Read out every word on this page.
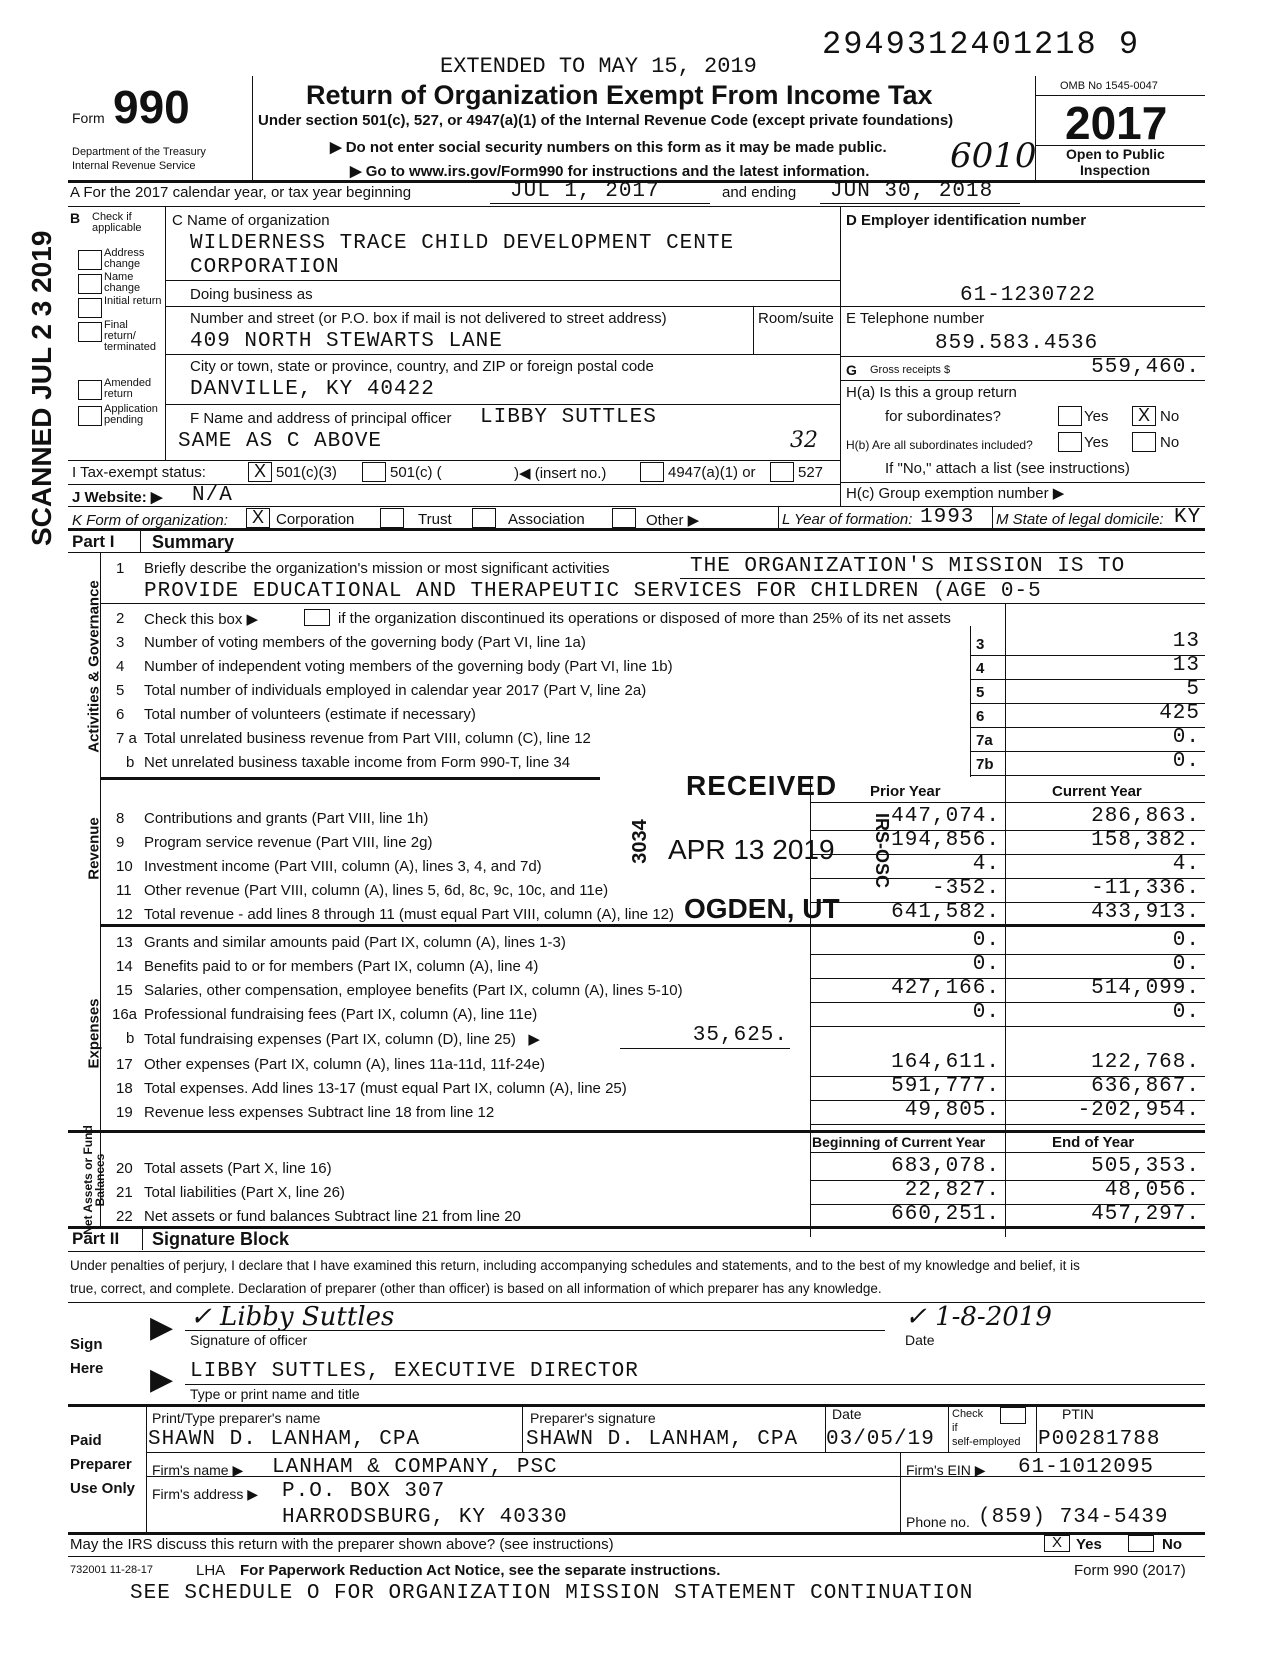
2949312401218 9
EXTENDED TO MAY 15, 2019
SCANNED JUL 2 3 2019
Form 990
Department of the Treasury
Internal Revenue Service
Return of Organization Exempt From Income Tax
Under section 501(c), 527, or 4947(a)(1) of the Internal Revenue Code (except private foundations)
▶ Do not enter social security numbers on this form as it may be made public.
▶ Go to www.irs.gov/Form990 for instructions and the latest information. 6010
OMB No 1545-0047
2017
Open to Public
Inspection
A For the 2017 calendar year, or tax year beginning	JUL 1, 2017	and ending JUN 30, 2018
B Check if applicable
Address change
Name change
Initial return
Final return/ terminated
Amended return
Application pending
C Name of organization
WILDERNESS TRACE CHILD DEVELOPMENT CENTE
CORPORATION
Doing business as
Number and street (or P.O. box if mail is not delivered to street address)	Room/suite
409 NORTH STEWARTS LANE
City or town, state or province, country, and ZIP or foreign postal code
DANVILLE, KY 40422
F Name and address of principal officer LIBBY SUTTLES
SAME AS C ABOVE	32
D Employer identification number
61-1230722
E Telephone number
859.583.4536
G Gross receipts $	559,460.
H(a) Is this a group return
for subordinates?	Yes	X No
H(b) Are all subordinates included?	Yes	No
If "No," attach a list (see instructions)
H(c) Group exemption number ▶
I Tax-exempt status:	X 501(c)(3)	501(c) (	)◀ (insert no.)	4947(a)(1) or	527
J Website: ▶ N/A
K Form of organization:	X Corporation	Trust	Association	Other ▶	L Year of formation: 1993 M State of legal domicile: KY
Part I Summary
Activities & Governance
Revenue
Expenses
Net Assets or Fund Balances
1 Briefly describe the organization's mission or most significant activities	THE ORGANIZATION'S MISSION IS TO
PROVIDE EDUCATIONAL AND THERAPEUTIC SERVICES FOR CHILDREN (AGE 0-5
2 Check this box ▶	if the organization discontinued its operations or disposed of more than 25% of its net assets
3 Number of voting members of the governing body (Part VI, line 1a)	3	13
4 Number of independent voting members of the governing body (Part VI, line 1b)	4	13
5 Total number of individuals employed in calendar year 2017 (Part V, line 2a)	5	5
6 Total number of volunteers (estimate if necessary)	6	425
7 a Total unrelated business revenue from Part VIII, column (C), line 12	7a	0.
b Net unrelated business taxable income from Form 990-T, line 34	7b	0.
Prior Year	Current Year
8 Contributions and grants (Part VIII, line 1h)	447,074.	286,863.
9 Program service revenue (Part VIII, line 2g)	194,856.	158,382.
10 Investment income (Part VIII, column (A), lines 3, 4, and 7d)	4.	4.
11 Other revenue (Part VIII, column (A), lines 5, 6d, 8c, 9c, 10c, and 11e)	-352.	-11,336.
12 Total revenue - add lines 8 through 11 (must equal Part VIII, column (A), line 12)	641,582.	433,913.
13 Grants and similar amounts paid (Part IX, column (A), lines 1-3)	0.	0.
14 Benefits paid to or for members (Part IX, column (A), line 4)	0.	0.
15 Salaries, other compensation, employee benefits (Part IX, column (A), lines 5-10)	427,166.	514,099.
16a Professional fundraising fees (Part IX, column (A), line 11e)	0.	0.
b Total fundraising expenses (Part IX, column (D), line 25)   ▶	35,625.
17 Other expenses (Part IX, column (A), lines 11a-11d, 11f-24e)	164,611.	122,768.
18 Total expenses. Add lines 13-17 (must equal Part IX, column (A), line 25)	591,777.	636,867.
19 Revenue less expenses Subtract line 18 from line 12	49,805.	-202,954.
Beginning of Current Year	End of Year
20 Total assets (Part X, line 16)	683,078.	505,353.
21 Total liabilities (Part X, line 26)	22,827.	48,056.
22 Net assets or fund balances Subtract line 21 from line 20	660,251.	457,297.
RECEIVED
3034 APR 13 2019 IRS-OSC
OGDEN, UT
Part II Signature Block
Under penalties of perjury, I declare that I have examined this return, including accompanying schedules and statements, and to the best of my knowledge and belief, it is
true, correct, and complete. Declaration of preparer (other than officer) is based on all information of which preparer has any knowledge.
Sign
Here
▶ ✓ Libby Suttles
Signature of officer
✓ 1-8-2019
Date
▶ LIBBY SUTTLES, EXECUTIVE DIRECTOR
Type or print name and title
Paid
Preparer
Use Only
Print/Type preparer's name	Preparer's signature	Date	Check
if
self-employed
PTIN
SHAWN D. LANHAM, CPA	SHAWN D. LANHAM, CPA 03/05/19	P00281788
Firm's name ▶ LANHAM & COMPANY, PSC	Firm's EIN ▶ 61-1012095
Firm's address ▶ P.O. BOX 307
HARRODSBURG, KY 40330	Phone no. (859) 734-5439
May the IRS discuss this return with the preparer shown above? (see instructions)	X Yes	No
732001 11-28-17	LHA For Paperwork Reduction Act Notice, see the separate instructions.	Form 990 (2017)
SEE SCHEDULE O FOR ORGANIZATION MISSION STATEMENT CONTINUATION
